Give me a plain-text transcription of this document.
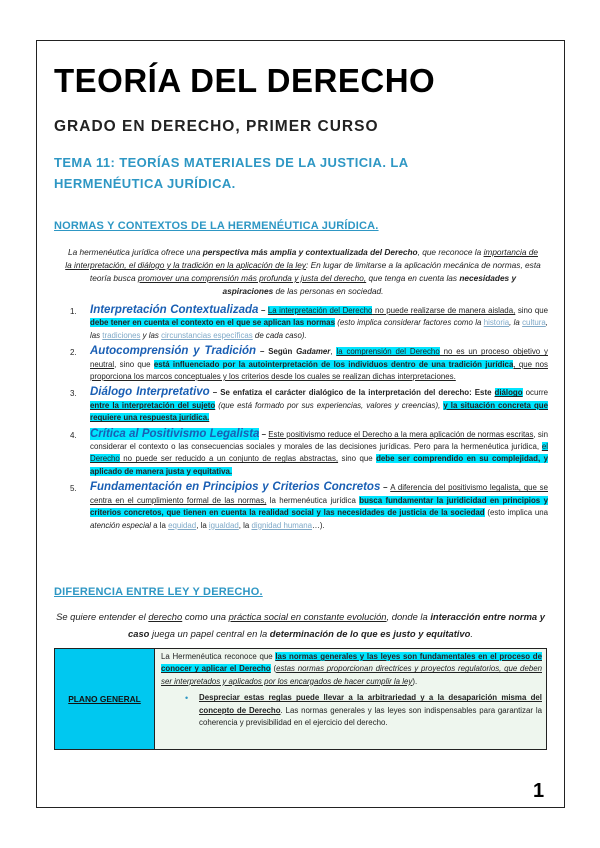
TEORÍA DEL DERECHO
GRADO EN DERECHO, PRIMER CURSO
TEMA 11: TEORÍAS MATERIALES DE LA JUSTICIA. LA HERMENÉUTICA JURÍDICA.
NORMAS Y CONTEXTOS DE LA HERMENÉUTICA JURÍDICA.

La hermenéutica jurídica ofrece una perspectiva más amplia y contextualizada del Derecho, que reconoce la importancia de la interpretación, el diálogo y la tradición en la aplicación de la ley: En lugar de limitarse a la aplicación mecánica de normas, esta teoría busca promover una comprensión más profunda y justa del derecho, que tenga en cuenta las necesidades y aspiraciones de las personas en sociedad.

1. Interpretación Contextualizada – La interpretación del Derecho no puede realizarse de manera aislada, sino que debe tener en cuenta el contexto en el que se aplican las normas (esto implica considerar factores como la historia, la cultura, las tradiciones y las circunstancias específicas de cada caso).
2. Autocomprensión y Tradición – Según Gadamer, la comprensión del Derecho no es un proceso objetivo y neutral, sino que está influenciado por la autointerpretación de los individuos dentro de una tradición jurídica, que nos proporciona los marcos conceptuales y los criterios desde los cuales se realizan dichas interpretaciones.
3. Diálogo Interpretativo – Se enfatiza el carácter dialógico de la interpretación del derecho: Este diálogo ocurre entre la interpretación del sujeto (que está formado por sus experiencias, valores y creencias), y la situación concreta que requiere una respuesta jurídica.
4. Crítica al Positivismo Legalista – Este positivismo reduce el Derecho a la mera aplicación de normas escritas, sin considerar el contexto o las consecuencias sociales y morales de las decisiones jurídicas. Pero para la hermenéutica jurídica, el Derecho no puede ser reducido a un conjunto de reglas abstractas, sino que debe ser comprendido en su complejidad, y aplicado de manera justa y equitativa.
5. Fundamentación en Principios y Criterios Concretos – A diferencia del positivismo legalista, que se centra en el cumplimiento formal de las normas, la hermenéutica jurídica busca fundamentar la juridicidad en principios y criterios concretos, que tienen en cuenta la realidad social y las necesidades de justicia de la sociedad (esto implica una atención especial a la equidad, la igualdad, la dignidad humana…).
DIFERENCIA ENTRE LEY Y DERECHO.

Se quiere entender el derecho como una práctica social en constante evolución, donde la interacción entre norma y caso juega un papel central en la determinación de lo que es justo y equitativo.

PLANO GENERAL	

La Hermenéutica reconoce que las normas generales y las leyes son fundamentales en el proceso de conocer y aplicar el Derecho (estas normas proporcionan directrices y proyectos regulatorios, que deben ser interpretados y aplicados por los encargados de hacer cumplir la ley).

• Despreciar estas reglas puede llevar a la arbitrariedad y a la desaparición misma del concepto de Derecho. Las normas generales y las leyes son indispensables para garantizar la coherencia y previsibilidad en el ejercicio del derecho.
1
